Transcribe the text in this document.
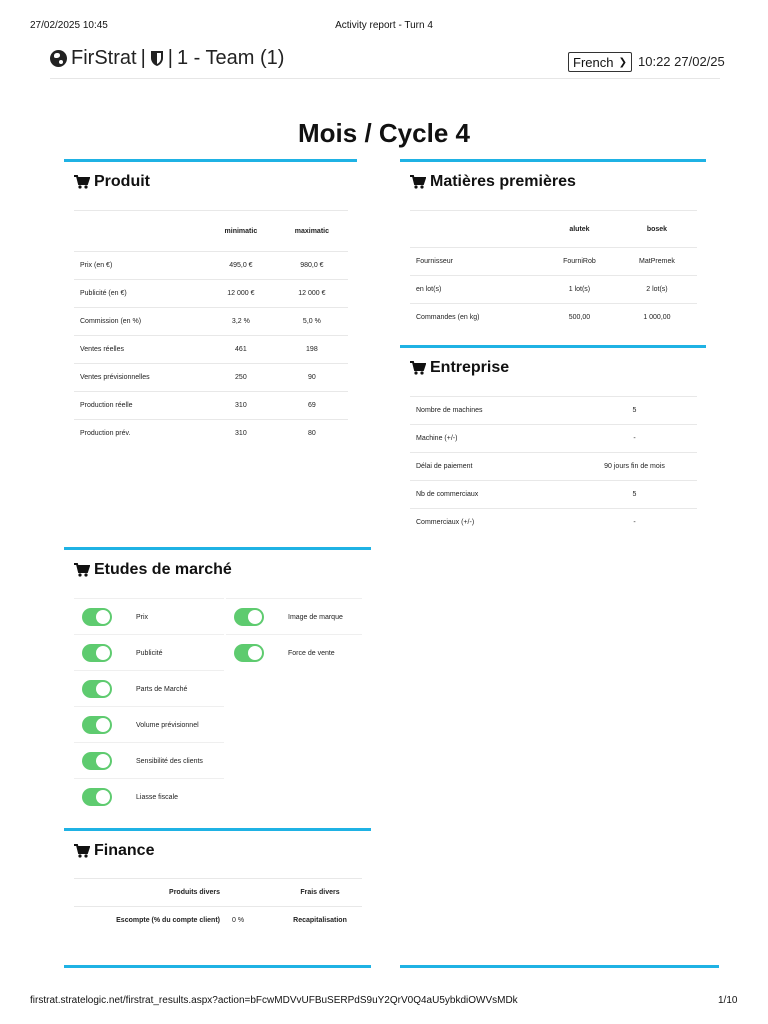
27/02/2025 10:45	Activity report - Turn 4
FirStrat | | 1 - Team (1)	French ❯ 10:22 27/02/25
Mois / Cycle 4
Produit
	minimatic	maximatic
Prix (en €)	495,0 €	980,0 €
Publicité (en €)	12 000 €	12 000 €
Commission (en %)	3,2 %	5,0 %
Ventes réelles	461	198
Ventes prévisionnelles	250	90
Production réelle	310	69
Production prév.	310	80
Matières premières
	alutek	bosek
Fournisseur	FourniRob	MatPremek
en lot(s)	1 lot(s)	2 lot(s)
Commandes (en kg)	500,00	1 000,00
Entreprise
Nombre de machines	5
Machine (+/-)	-
Délai de paiement	90 jours fin de mois
Nb de commerciaux	5
Commerciaux (+/-)	-
Etudes de marché
Prix
Publicité
Parts de Marché
Volume prévisionnel
Sensibilité des clients
Liasse fiscale
Image de marque
Force de vente
Finance
Produits divers		Frais divers
Escompte (% du compte client)	0 %	Recapitalisation
firstrat.stratelogic.net/firstrat_results.aspx?action=bFcwMDVvUFBuSERPdS9uY2QrV0Q4aU5ybkdiOWVsMDk	1/10
